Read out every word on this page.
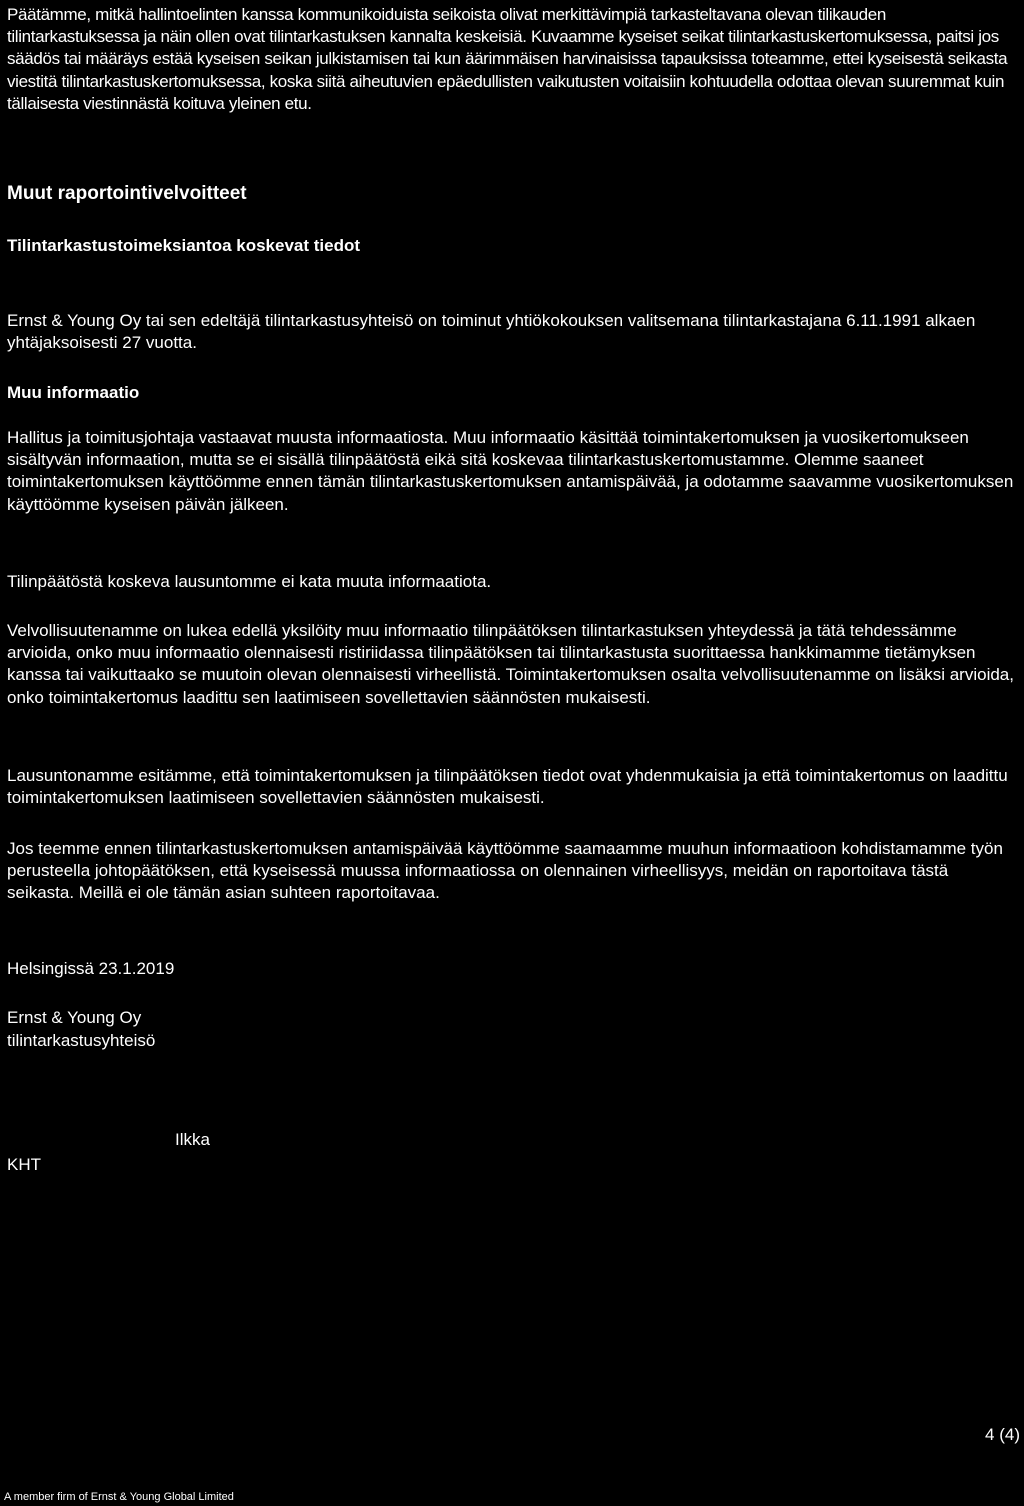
Päätämme, mitkä hallintoelinten kanssa kommunikoiduista seikoista olivat merkittävimpiä tarkasteltavana olevan tilikauden tilintarkastuksessa ja näin ollen ovat tilintarkastuksen kannalta keskeisiä. Kuvaamme kyseiset seikat tilintarkastuskertomuksessa, paitsi jos säädös tai määräys estää kyseisen seikan julkistamisen tai kun äärimmäisen harvinaisissa tapauksissa toteamme, ettei kyseisestä seikasta viestitä tilintarkastuskertomuksessa, koska siitä aiheutuvien epäedullisten vaikutusten voitaisiin kohtuudella odottaa olevan suuremmat kuin tällaisesta viestinnästä koituva yleinen etu.

Muut raportointivelvoitteet
Tilintarkastustoimeksiantoa koskevat tiedot

Ernst & Young Oy tai sen edeltäjä tilintarkastusyhteisö on toiminut yhtiökokouksen valitsemana tilintarkastajana 6.11.1991 alkaen yhtäjaksoisesti 27 vuotta.

Muu informaatio

Hallitus ja toimitusjohtaja vastaavat muusta informaatiosta. Muu informaatio käsittää toimintakertomuksen ja vuosikertomukseen sisältyvän informaation, mutta se ei sisällä tilinpäätöstä eikä sitä koskevaa tilintarkastuskertomustamme. Olemme saaneet toimintakertomuksen käyttöömme ennen tämän tilintarkastuskertomuksen antamispäivää, ja odotamme saavamme vuosikertomuksen käyttöömme kyseisen päivän jälkeen.

Tilinpäätöstä koskeva lausuntomme ei kata muuta informaatiota.

Velvollisuutenamme on lukea edellä yksilöity muu informaatio tilinpäätöksen tilintarkastuksen yhteydessä ja tätä tehdessämme arvioida, onko muu informaatio olennaisesti ristiriidassa tilinpäätöksen tai tilintarkastusta suorittaessa hankkimamme tietämyksen kanssa tai vaikuttaako se muutoin olevan olennaisesti virheellistä. Toimintakertomuksen osalta velvollisuutenamme on lisäksi arvioida, onko toimintakertomus laadittu sen laatimiseen sovellettavien säännösten mukaisesti.

Lausuntonamme esitämme, että toimintakertomuksen ja tilinpäätöksen tiedot ovat yhdenmukaisia ja että toimintakertomus on laadittu toimintakertomuksen laatimiseen sovellettavien säännösten mukaisesti.

Jos teemme ennen tilintarkastuskertomuksen antamispäivää käyttöömme saamaamme muuhun informaatioon kohdistamamme työn perusteella johtopäätöksen, että kyseisessä muussa informaatiossa on olennainen virheellisyys, meidän on raportoitava tästä seikasta. Meillä ei ole tämän asian suhteen raportoitavaa.

Helsingissä 23.1.2019

Ernst & Young Oy

tilintarkastusyhteisö

Ilkka

KHT

4 (4)

A member firm of Ernst & Young Global Limited
